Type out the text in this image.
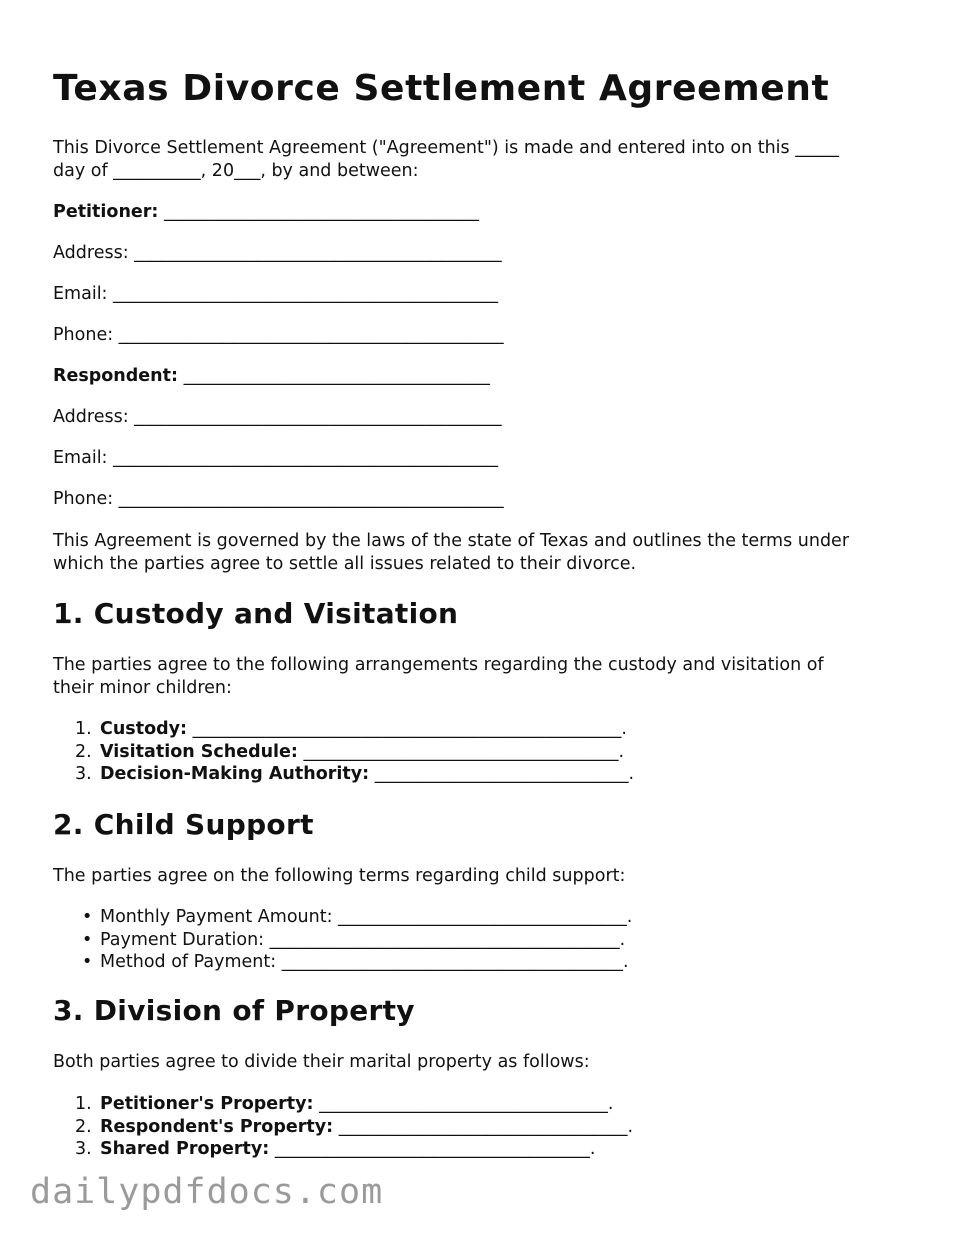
Texas Divorce Settlement Agreement
This Divorce Settlement Agreement ("Agreement") is made and entered into on this _____
day of __________, 20___, by and between:
Petitioner: ____________________________________
Address: __________________________________________
Email: ____________________________________________
Phone: ____________________________________________
Respondent: ___________________________________
Address: __________________________________________
Email: ____________________________________________
Phone: ____________________________________________
This Agreement is governed by the laws of the state of Texas and outlines the terms under
which the parties agree to settle all issues related to their divorce.
1. Custody and Visitation
The parties agree to the following arrangements regarding the custody and visitation of
their minor children:
1. Custody: _________________________________________________.
2. Visitation Schedule: ____________________________________.
3. Decision-Making Authority: _____________________________.
2. Child Support
The parties agree on the following terms regarding child support:
• Monthly Payment Amount: _________________________________.
• Payment Duration: ________________________________________.
• Method of Payment: _______________________________________.
3. Division of Property
Both parties agree to divide their marital property as follows:
1. Petitioner's Property: _________________________________.
2. Respondent's Property: _________________________________.
3. Shared Property: ____________________________________.
dailypdfdocs.com
